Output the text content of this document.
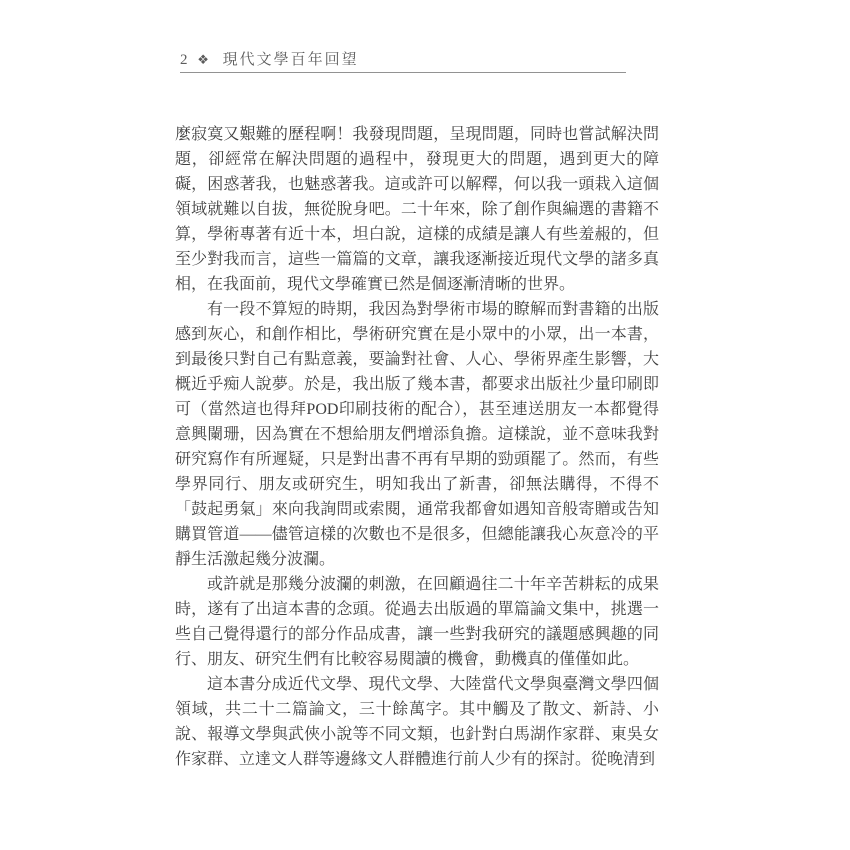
2 ❖ 現代文學百年回望
麼寂寞又艱難的歷程啊！我發現問題，呈現問題，同時也嘗試解決問
題，卻經常在解決問題的過程中，發現更大的問題，遇到更大的障
礙，困惑著我，也魅惑著我。這或許可以解釋，何以我一頭栽入這個
領域就難以自拔，無從脫身吧。二十年來，除了創作與編選的書籍不
算，學術專著有近十本，坦白說，這樣的成績是讓人有些羞赧的，但
至少對我而言，這些一篇篇的文章，讓我逐漸接近現代文學的諸多真
相，在我面前，現代文學確實已然是個逐漸清晰的世界。
有一段不算短的時期，我因為對學術市場的瞭解而對書籍的出版
感到灰心，和創作相比，學術研究實在是小眾中的小眾，出一本書，
到最後只對自己有點意義，要論對社會、人心、學術界產生影響，大
概近乎痴人說夢。於是，我出版了幾本書，都要求出版社少量印刷即
可（當然這也得拜POD印刷技術的配合），甚至連送朋友一本都覺得
意興闌珊，因為實在不想給朋友們增添負擔。這樣說，並不意味我對
研究寫作有所遲疑，只是對出書不再有早期的勁頭罷了。然而，有些
學界同行、朋友或研究生，明知我出了新書，卻無法購得，不得不
「鼓起勇氣」來向我詢問或索閱，通常我都會如遇知音般寄贈或告知
購買管道——儘管這樣的次數也不是很多，但總能讓我心灰意冷的平
靜生活激起幾分波瀾。
或許就是那幾分波瀾的刺激，在回顧過往二十年辛苦耕耘的成果
時，遂有了出這本書的念頭。從過去出版過的單篇論文集中，挑選一
些自己覺得還行的部分作品成書，讓一些對我研究的議題感興趣的同
行、朋友、研究生們有比較容易閱讀的機會，動機真的僅僅如此。
這本書分成近代文學、現代文學、大陸當代文學與臺灣文學四個
領域，共二十二篇論文，三十餘萬字。其中觸及了散文、新詩、小
說、報導文學與武俠小說等不同文類，也針對白馬湖作家群、東吳女
作家群、立達文人群等邊緣文人群體進行前人少有的探討。從晚清到
